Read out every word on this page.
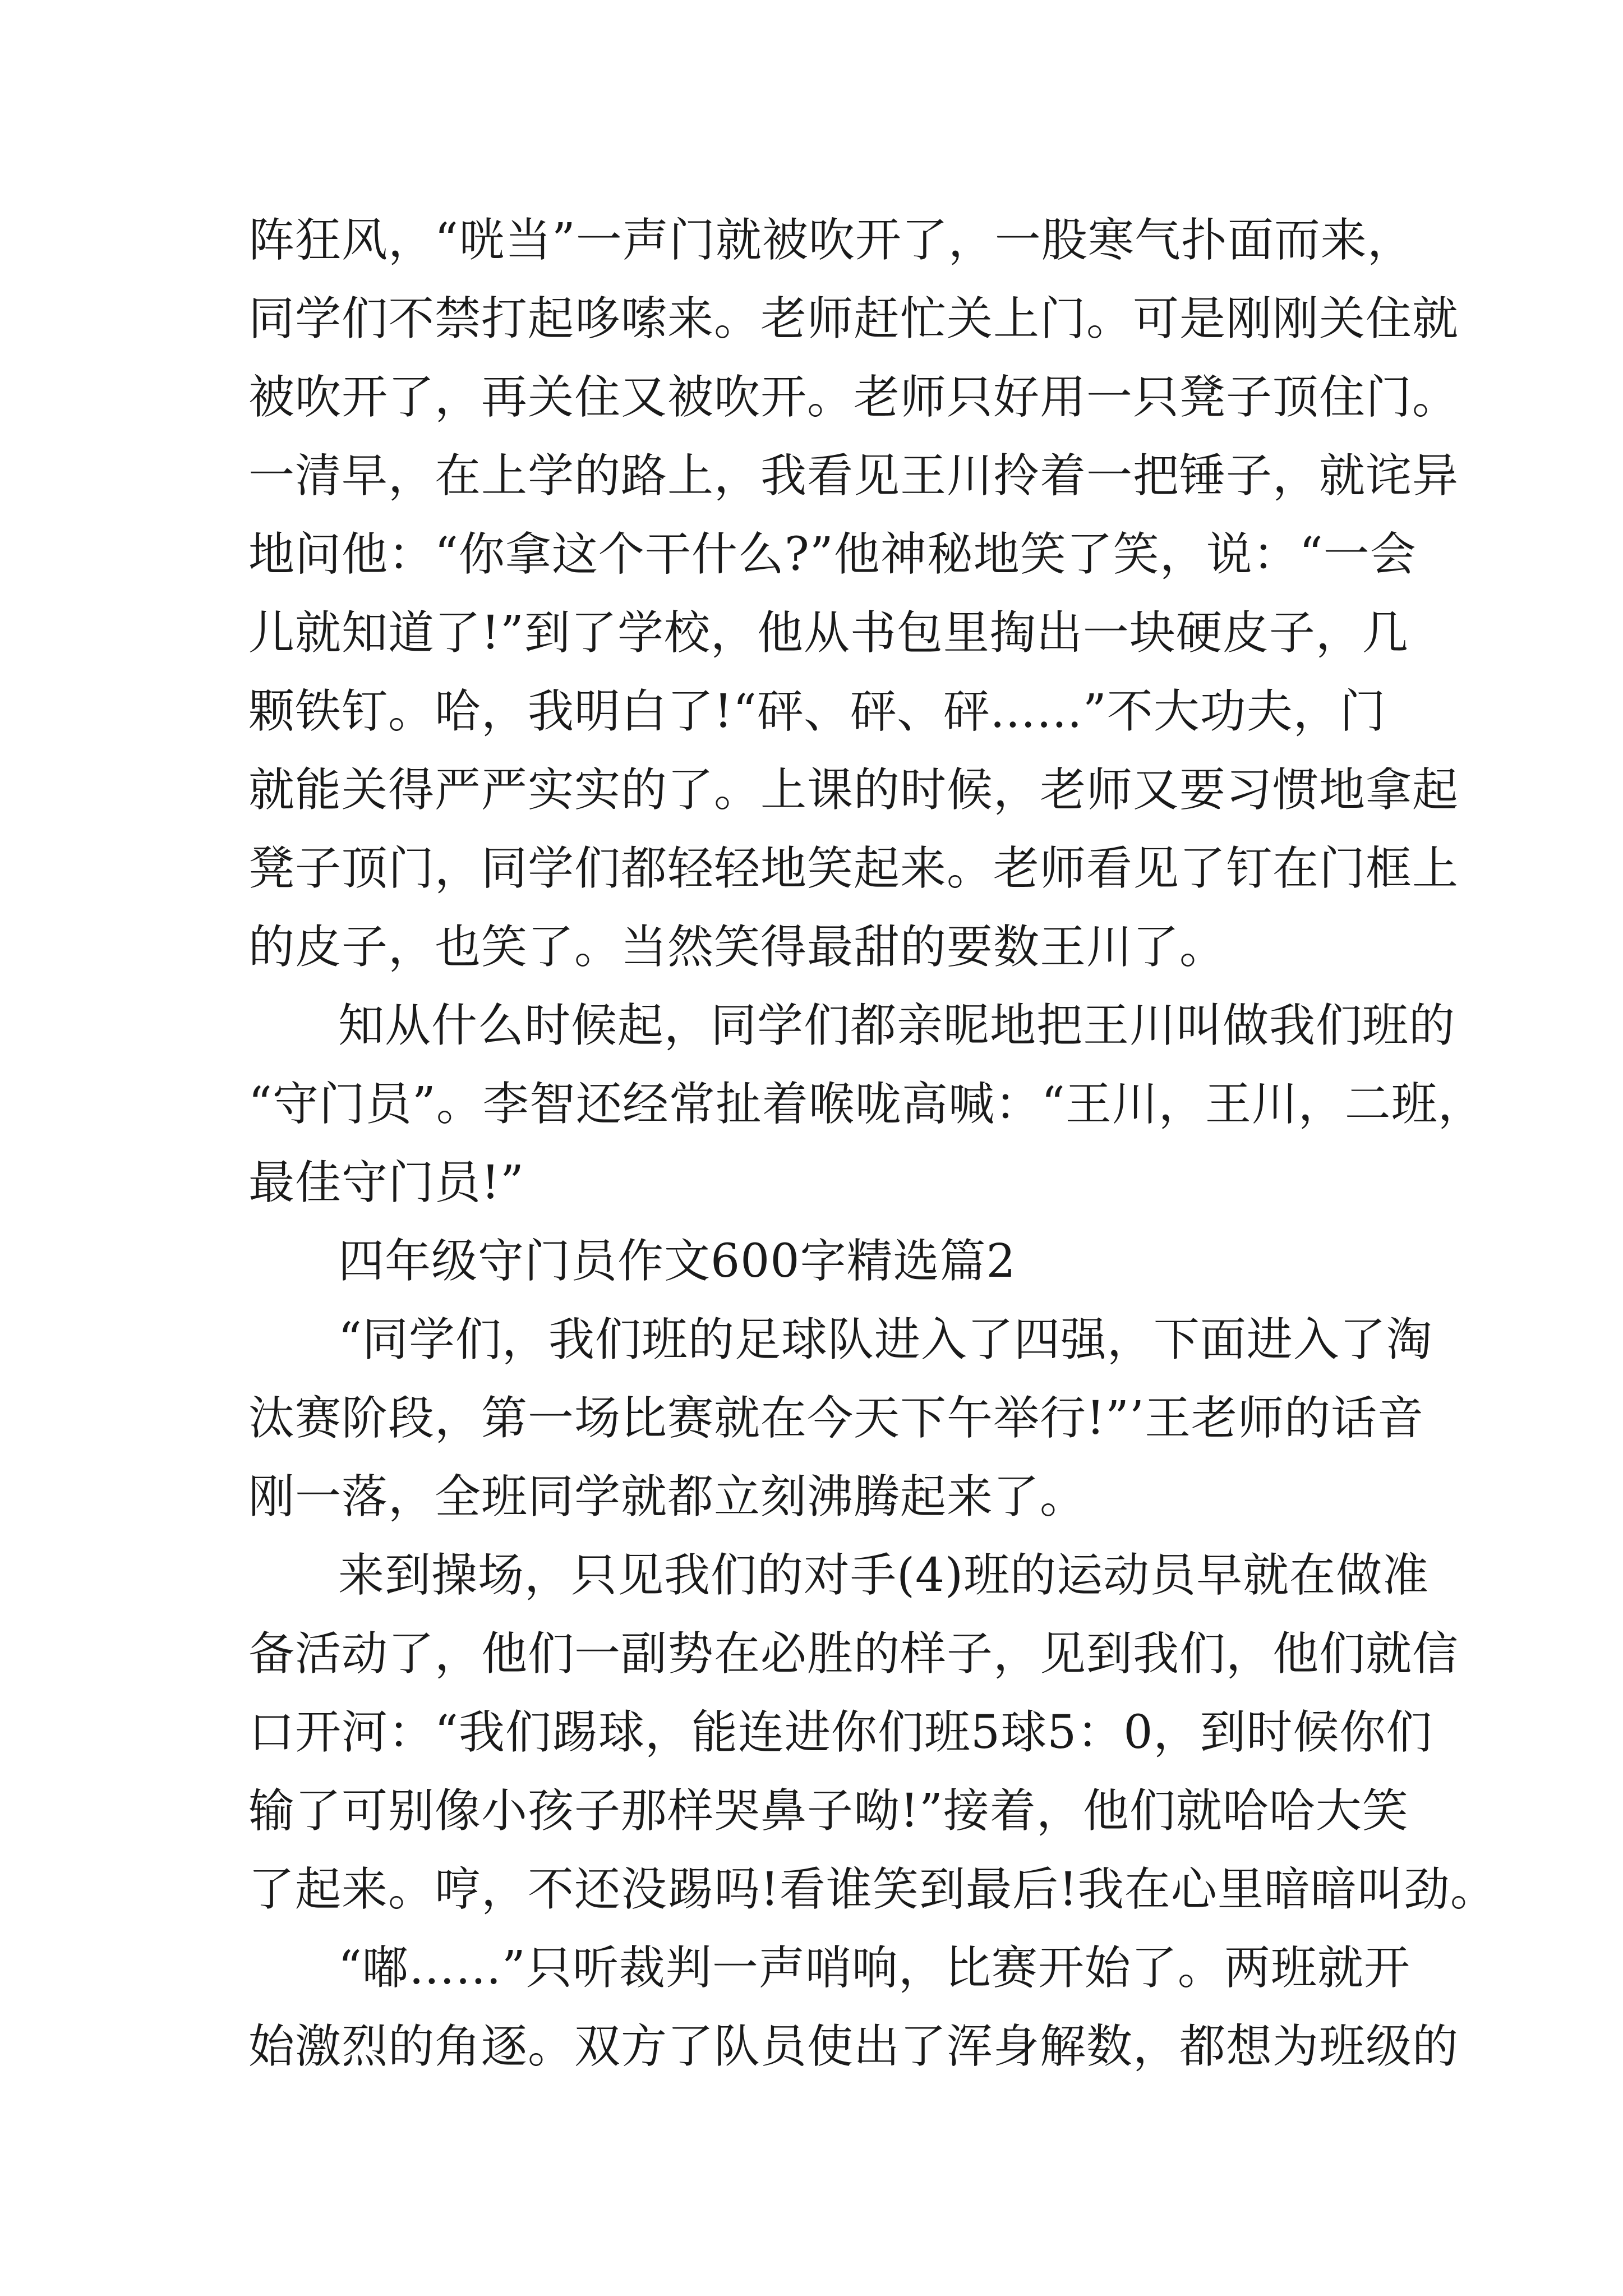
阵狂风，“咣当”一声门就被吹开了，一股寒气扑面而来，
同学们不禁打起哆嗦来。老师赶忙关上门。可是刚刚关住就
被吹开了，再关住又被吹开。老师只好用一只凳子顶住门。
一清早，在上学的路上，我看见王川拎着一把锤子，就诧异
地问他：“你拿这个干什么?”他神秘地笑了笑，说：“一会
儿就知道了!”到了学校，他从书包里掏出一块硬皮子，几
颗铁钉。哈，我明白了!“砰、砰、砰……”不大功夫，门
就能关得严严实实的了。上课的时候，老师又要习惯地拿起
凳子顶门，同学们都轻轻地笑起来。老师看见了钉在门框上
的皮子，也笑了。当然笑得最甜的要数王川了。
知从什么时候起，同学们都亲昵地把王川叫做我们班的
“守门员”。李智还经常扯着喉咙高喊：“王川，王川，二班，
最佳守门员!”
四年级守门员作文600字精选篇2
“同学们，我们班的足球队进入了四强，下面进入了淘
汰赛阶段，第一场比赛就在今天下午举行!”’王老师的话音
刚一落，全班同学就都立刻沸腾起来了。
来到操场，只见我们的对手(4)班的运动员早就在做准
备活动了，他们一副势在必胜的样子，见到我们，他们就信
口开河：“我们踢球，能连进你们班5球5：0，到时候你们
输了可别像小孩子那样哭鼻子呦!”接着，他们就哈哈大笑
了起来。哼，不还没踢吗!看谁笑到最后!我在心里暗暗叫劲。
“嘟……”只听裁判一声哨响，比赛开始了。两班就开
始激烈的角逐。双方了队员使出了浑身解数，都想为班级的
